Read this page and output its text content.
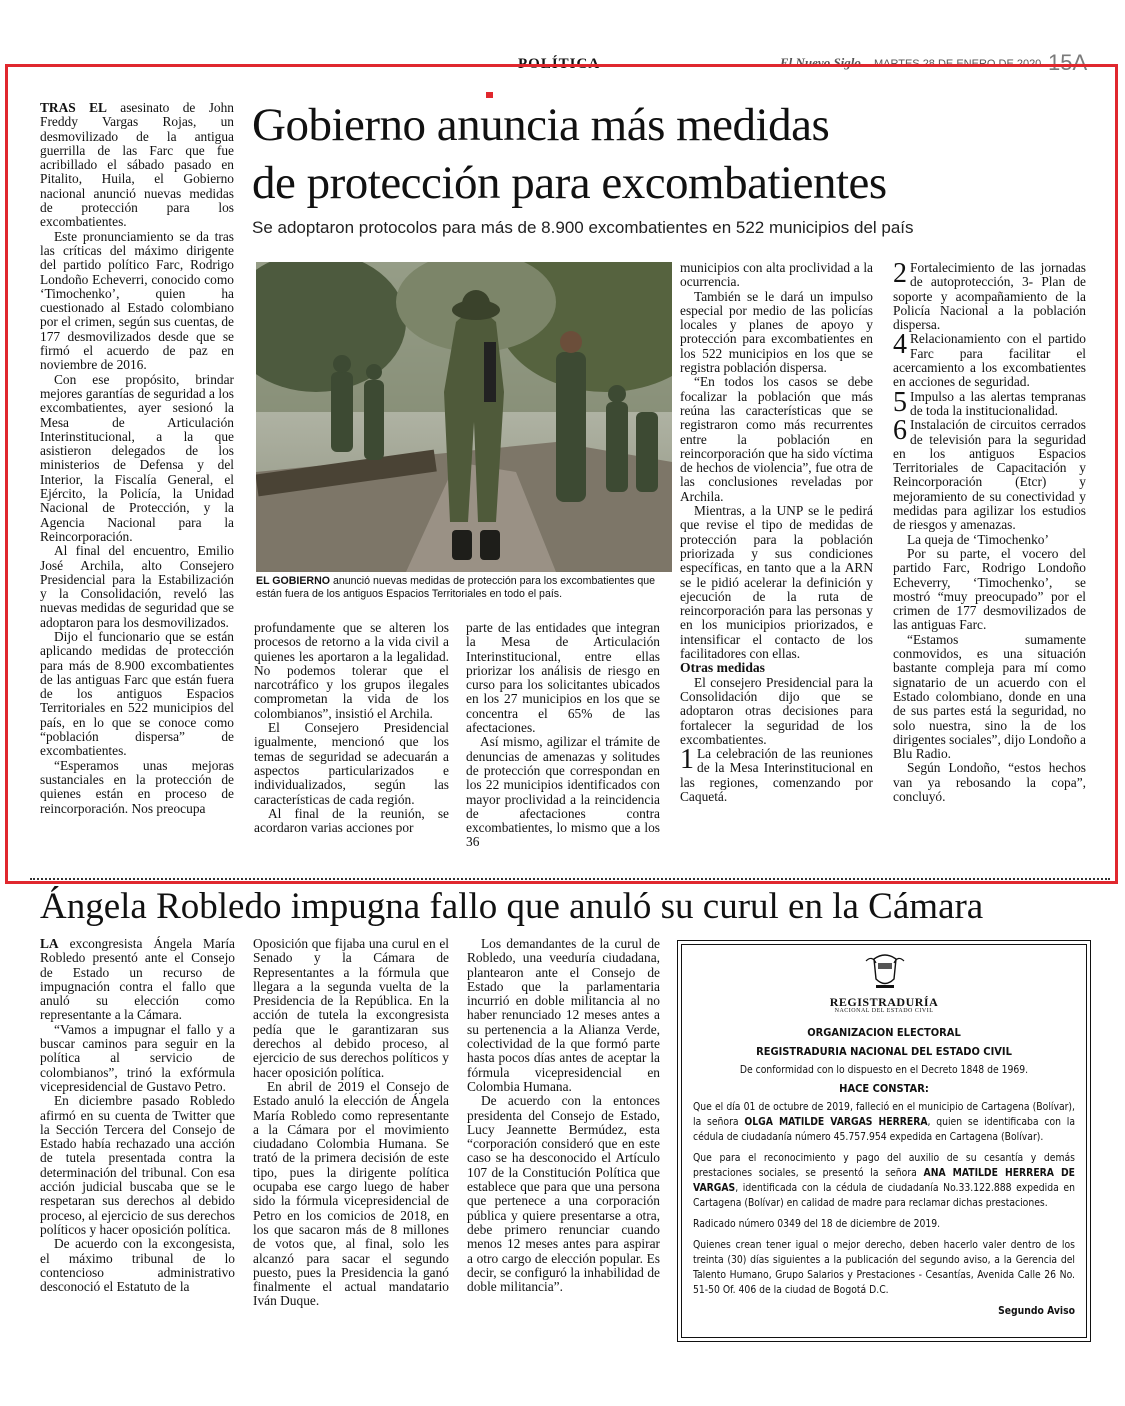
POLÍTICA	El Nuevo Siglo MARTES 28 DE ENERO DE 2020 15A

TRAS EL asesinato de John Freddy Vargas Rojas, un desmovilizado de la antigua guerrilla de las Farc que fue acribillado el sábado pasado en Pitalito, Huila, el Gobierno nacional anunció nuevas medidas de protección para los excombatientes.

Este pronunciamiento se da tras las críticas del máximo dirigente del partido político Farc, Rodrigo Londoño Echeverri, conocido como ‘Timochenko’, quien ha cuestionado al Estado colombiano por el crimen, según sus cuentas, de 177 desmovilizados desde que se firmó el acuerdo de paz en noviembre de 2016.

Con ese propósito, brindar mejores garantías de seguridad a los excombatientes, ayer sesionó la Mesa de Articulación Interinstitucional, a la que asistieron delegados de los ministerios de Defensa y del Interior, la Fiscalía General, el Ejército, la Policía, la Unidad Nacional de Protección, y la Agencia Nacional para la Reincorporación.

Al final del encuentro, Emilio José Archila, alto Consejero Presidencial para la Estabilización y la Consolidación, reveló las nuevas medidas de seguridad que se adoptaron para los desmovilizados.

Dijo el funcionario que se están aplicando medidas de protección para más de 8.900 excombatientes de las antiguas Farc que están fuera de los antiguos Espacios Territoriales en 522 municipios del país, en lo que se conoce como “población dispersa” de excombatientes.

“Esperamos unas mejoras sustanciales en la protección de quienes están en proceso de reincorporación. Nos preocupa

Gobierno anuncia más medidas
de protección para excombatientes
Se adoptaron protocolos para más de 8.900 excombatientes en 522 municipios del país
EL GOBIERNO anunció nuevas medidas de protección para los excombatientes que están fuera de los antiguos Espacios Territoriales en todo el país.

profundamente que se alteren los procesos de retorno a la vida civil a quienes les aportaron a la legalidad. No podemos tolerar que el narcotráfico y los grupos ilegales comprometan la vida de los colombianos”, insistió el Archila.

El Consejero Presidencial igualmente, mencionó que los temas de seguridad se adecuarán a aspectos particularizados e individualizados, según las características de cada región.

Al final de la reunión, se acordaron varias acciones por

parte de las entidades que integran la Mesa de Articulación Interinstitucional, entre ellas priorizar los análisis de riesgo en curso para los solicitantes ubicados en los 27 municipios en los que se concentra el 65% de las afectaciones.

Así mismo, agilizar el trámite de denuncias de amenazas y solitudes de protección que correspondan en los 22 municipios identificados con mayor proclividad a la reincidencia de afectaciones contra excombatientes, lo mismo que a los 36

municipios con alta proclividad a la ocurrencia.

También se le dará un impulso especial por medio de las policías locales y planes de apoyo y protección para excombatientes en los 522 municipios en los que se registra población dispersa.

“En todos los casos se debe focalizar la población que más reúna las características que se registraron como más recurrentes entre la población en reincorporación que ha sido víctima de hechos de violencia”, fue otra de las conclusiones reveladas por Archila.

Mientras, a la UNP se le pedirá que revise el tipo de medidas de protección para la población priorizada y sus condiciones específicas, en tanto que a la ARN se le pidió acelerar la definición y ejecución de la ruta de reincorporación para las personas y en los municipios priorizados, e intensificar el contacto de los facilitadores con ellas.

Otras medidas

El consejero Presidencial para la Consolidación dijo que se adoptaron otras decisiones para fortalecer la seguridad de los excombatientes.

1 La celebración de las reuniones de la Mesa Interinstitucional en las regiones, comenzando por Caquetá.

2 Fortalecimiento de las jornadas de autoprotección, 3- Plan de soporte y acompañamiento de la Policía Nacional a la población dispersa.

4 Relacionamiento con el partido Farc para facilitar el acercamiento a los excombatientes en acciones de seguridad.

5 Impulso a las alertas tempranas de toda la institucionalidad.

6 Instalación de circuitos cerrados de televisión para la seguridad en los antiguos Espacios Territoriales de Capacitación y Reincorporación (Etcr) y mejoramiento de su conectividad y medidas para agilizar los estudios de riesgos y amenazas.

La queja de ‘Timochenko’

Por su parte, el vocero del partido Farc, Rodrigo Londoño Echeverry, ‘Timochenko’, se mostró “muy preocupado” por el crimen de 177 desmovilizados de las antiguas Farc.

“Estamos sumamente conmovidos, es una situación bastante compleja para mí como signatario de un acuerdo con el Estado colombiano, donde en una de sus partes está la seguridad, no solo nuestra, sino la de los dirigentes sociales”, dijo Londoño a Blu Radio.

Según Londoño, “estos hechos van ya rebosando la copa”, concluyó.

Ángela Robledo impugna fallo que anuló su curul en la Cámara

LA excongresista Ángela María Robledo presentó ante el Consejo de Estado un recurso de impugnación contra el fallo que anuló su elección como representante a la Cámara.

“Vamos a impugnar el fallo y a buscar caminos para seguir en la política al servicio de colombianos”, trinó la exfórmula vicepresidencial de Gustavo Petro.

En diciembre pasado Robledo afirmó en su cuenta de Twitter que la Sección Tercera del Consejo de Estado había rechazado una acción de tutela presentada contra la determinación del tribunal. Con esa acción judicial buscaba que se le respetaran sus derechos al debido proceso, al ejercicio de sus derechos políticos y hacer oposición política.

De acuerdo con la excongesista, el máximo tribunal de lo contencioso administrativo desconoció el Estatuto de la

Oposición que fijaba una curul en el Senado y la Cámara de Representantes a la fórmula que llegara a la segunda vuelta de la Presidencia de la República. En la acción de tutela la excongresista pedía que le garantizaran sus derechos al debido proceso, al ejercicio de sus derechos políticos y hacer oposición política.

En abril de 2019 el Consejo de Estado anuló la elección de Ángela María Robledo como representante a la Cámara por el movimiento ciudadano Colombia Humana. Se trató de la primera decisión de este tipo, pues la dirigente política ocupaba ese cargo luego de haber sido la fórmula vicepresidencial de Petro en los comicios de 2018, en los que sacaron más de 8 millones de votos que, al final, solo les alcanzó para sacar el segundo puesto, pues la Presidencia la ganó finalmente el actual mandatario Iván Duque.

Los demandantes de la curul de Robledo, una veeduría ciudadana, plantearon ante el Consejo de Estado que la parlamentaria incurrió en doble militancia al no haber renunciado 12 meses antes a su pertenencia a la Alianza Verde, colectividad de la que formó parte hasta pocos días antes de aceptar la fórmula vicepresidencial en Colombia Humana.

De acuerdo con la entonces presidenta del Consejo de Estado, Lucy Jeannette Bermúdez, esta “corporación consideró que en este caso se ha desconocido el Artículo 107 de la Constitución Política que establece que para que una persona que pertenece a una corporación pública y quiere presentarse a otra, debe primero renunciar cuando menos 12 meses antes para aspirar a otro cargo de elección popular. Es decir, se configuró la inhabilidad de doble militancia”.

REGISTRADURÍA
NACIONAL DEL ESTADO CIVIL
ORGANIZACION ELECTORAL
REGISTRADURIA NACIONAL DEL ESTADO CIVIL
De conformidad con lo dispuesto en el Decreto 1848 de 1969.
HACE CONSTAR:

Que el día 01 de octubre de 2019, falleció en el municipio de Cartagena (Bolívar), la señora OLGA MATILDE VARGAS HERRERA, quien se identificaba con la cédula de ciudadanía número 45.757.954 expedida en Cartagena (Bolívar).

Que para el reconocimiento y pago del auxilio de su cesantía y demás prestaciones sociales, se presentó la señora ANA MATILDE HERRERA DE VARGAS, identificada con la cédula de ciudadanía No.33.122.888 expedida en Cartagena (Bolívar) en calidad de madre para reclamar dichas prestaciones.

Radicado número 0349 del 18 de diciembre de 2019.

Quienes crean tener igual o mejor derecho, deben hacerlo valer dentro de los treinta (30) días siguientes a la publicación del segundo aviso, a la Gerencia del Talento Humano, Grupo Salarios y Prestaciones - Cesantías, Avenida Calle 26 No. 51-50 Of. 406 de la ciudad de Bogotá D.C.

Segundo Aviso
